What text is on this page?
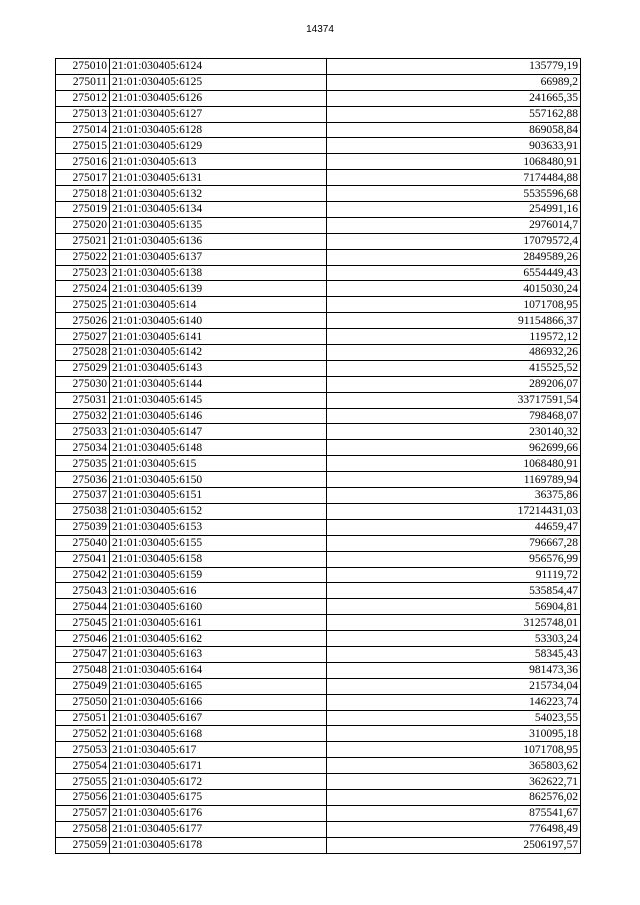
14374
275010	21:01:030405:6124	135779,19
275011	21:01:030405:6125	66989,2
275012	21:01:030405:6126	241665,35
275013	21:01:030405:6127	557162,88
275014	21:01:030405:6128	869058,84
275015	21:01:030405:6129	903633,91
275016	21:01:030405:613	1068480,91
275017	21:01:030405:6131	7174484,88
275018	21:01:030405:6132	5535596,68
275019	21:01:030405:6134	254991,16
275020	21:01:030405:6135	2976014,7
275021	21:01:030405:6136	17079572,4
275022	21:01:030405:6137	2849589,26
275023	21:01:030405:6138	6554449,43
275024	21:01:030405:6139	4015030,24
275025	21:01:030405:614	1071708,95
275026	21:01:030405:6140	91154866,37
275027	21:01:030405:6141	119572,12
275028	21:01:030405:6142	486932,26
275029	21:01:030405:6143	415525,52
275030	21:01:030405:6144	289206,07
275031	21:01:030405:6145	33717591,54
275032	21:01:030405:6146	798468,07
275033	21:01:030405:6147	230140,32
275034	21:01:030405:6148	962699,66
275035	21:01:030405:615	1068480,91
275036	21:01:030405:6150	1169789,94
275037	21:01:030405:6151	36375,86
275038	21:01:030405:6152	17214431,03
275039	21:01:030405:6153	44659,47
275040	21:01:030405:6155	796667,28
275041	21:01:030405:6158	956576,99
275042	21:01:030405:6159	91119,72
275043	21:01:030405:616	535854,47
275044	21:01:030405:6160	56904,81
275045	21:01:030405:6161	3125748,01
275046	21:01:030405:6162	53303,24
275047	21:01:030405:6163	58345,43
275048	21:01:030405:6164	981473,36
275049	21:01:030405:6165	215734,04
275050	21:01:030405:6166	146223,74
275051	21:01:030405:6167	54023,55
275052	21:01:030405:6168	310095,18
275053	21:01:030405:617	1071708,95
275054	21:01:030405:6171	365803,62
275055	21:01:030405:6172	362622,71
275056	21:01:030405:6175	862576,02
275057	21:01:030405:6176	875541,67
275058	21:01:030405:6177	776498,49
275059	21:01:030405:6178	2506197,57
